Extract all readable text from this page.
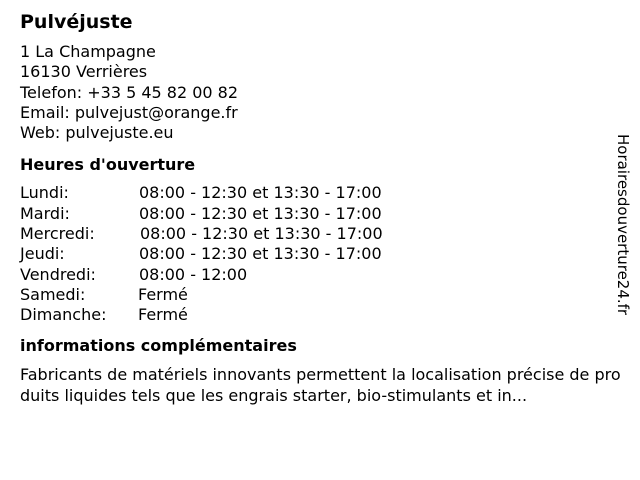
Pulvéjuste
1 La Champagne
16130 Verrières
Telefon: +33 5 45 82 00 82
Email: pulvejust@orange.fr
Web: pulvejuste.eu
Heures d'ouverture
Lundi:	08:00 - 12:30 et 13:30 - 17:00
Mardi:	08:00 - 12:30 et 13:30 - 17:00
Mercredi:	08:00 - 12:30 et 13:30 - 17:00
Jeudi:	08:00 - 12:30 et 13:30 - 17:00
Vendredi:	08:00 - 12:00
Samedi:	Fermé
Dimanche: Fermé
informations complémentaires
Fabricants de matériels innovants permettent la localisation précise de produits liquides tels que les engrais starter, bio-stimulants et in...
Horairesdouverture24.fr
